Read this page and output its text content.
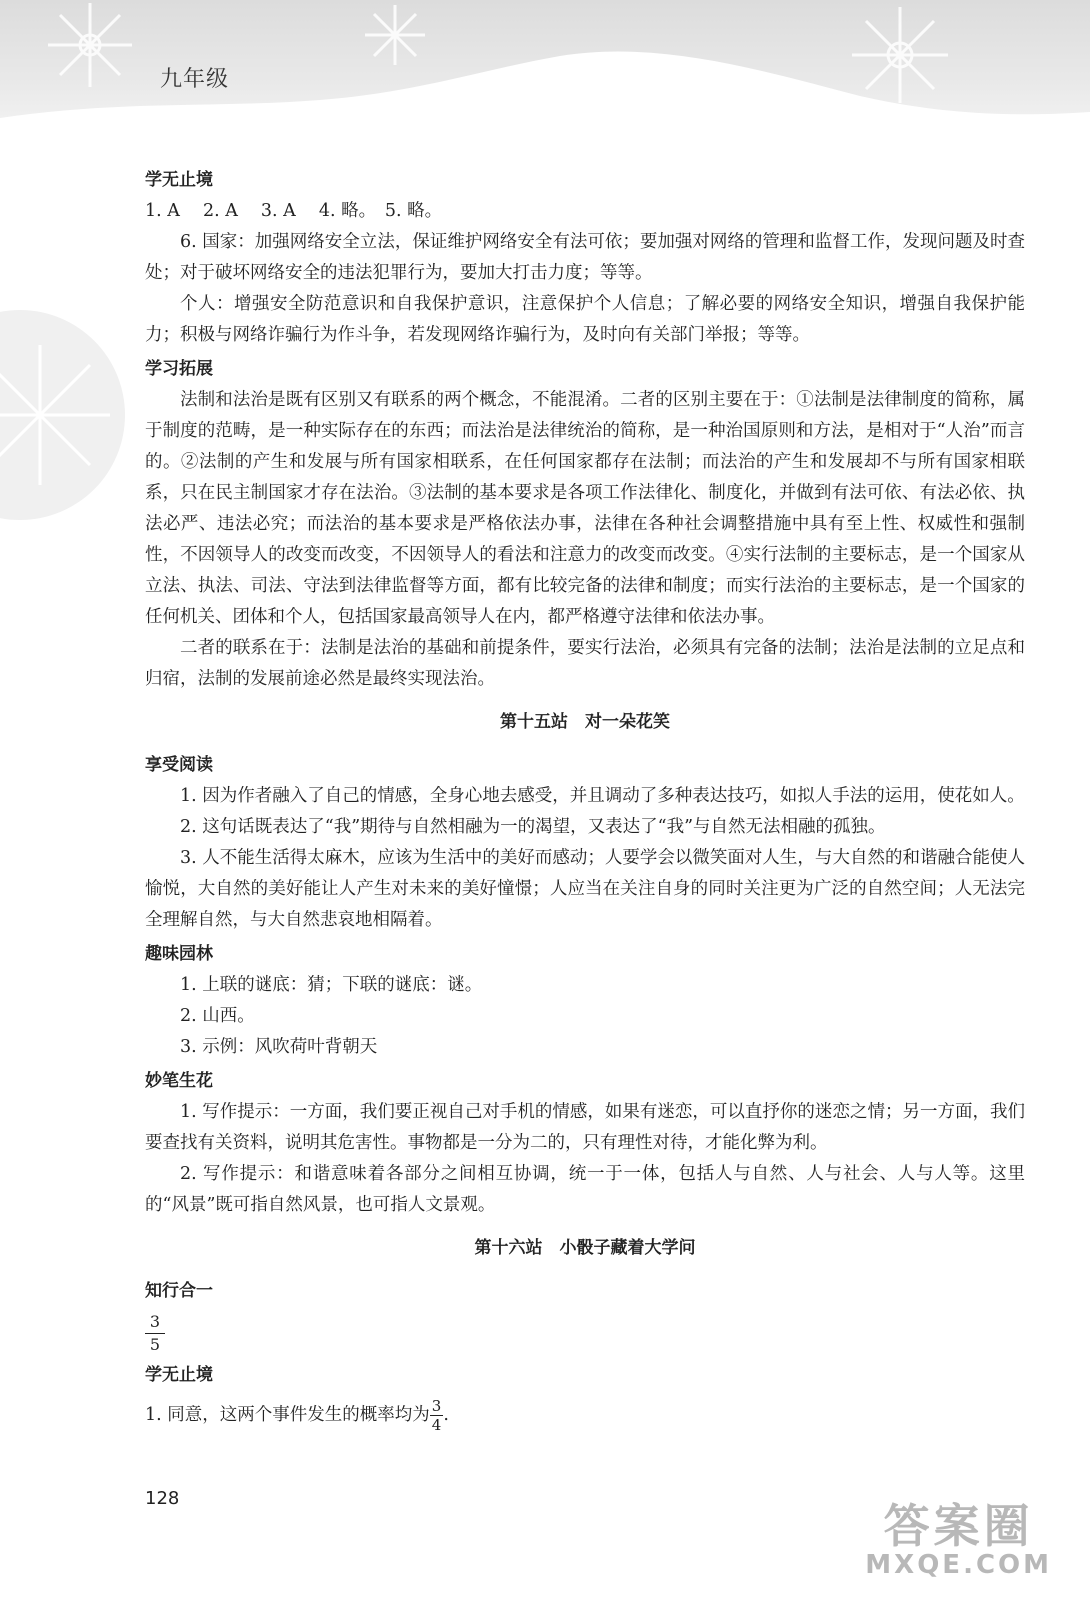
九年级
学无止境

1. A　 2. A　 3. A　 4. 略。　5. 略。

6. 国家：加强网络安全立法，保证维护网络安全有法可依；要加强对网络的管理和监督工作，发现问题及时查处；对于破坏网络安全的违法犯罪行为，要加大打击力度；等等。

个人：增强安全防范意识和自我保护意识，注意保护个人信息；了解必要的网络安全知识，增强自我保护能力；积极与网络诈骗行为作斗争，若发现网络诈骗行为，及时向有关部门举报；等等。

学习拓展

法制和法治是既有区别又有联系的两个概念，不能混淆。二者的区别主要在于：①法制是法律制度的简称，属于制度的范畴，是一种实际存在的东西；而法治是法律统治的简称，是一种治国原则和方法，是相对于“人治”而言的。②法制的产生和发展与所有国家相联系，在任何国家都存在法制；而法治的产生和发展却不与所有国家相联系，只在民主制国家才存在法治。③法制的基本要求是各项工作法律化、制度化，并做到有法可依、有法必依、执法必严、违法必究；而法治的基本要求是严格依法办事，法律在各种社会调整措施中具有至上性、权威性和强制性，不因领导人的改变而改变，不因领导人的看法和注意力的改变而改变。④实行法制的主要标志，是一个国家从立法、执法、司法、守法到法律监督等方面，都有比较完备的法律和制度；而实行法治的主要标志，是一个国家的任何机关、团体和个人，包括国家最高领导人在内，都严格遵守法律和依法办事。

二者的联系在于：法制是法治的基础和前提条件，要实行法治，必须具有完备的法制；法治是法制的立足点和归宿，法制的发展前途必然是最终实现法治。

第十五站　对一朵花笑
享受阅读

1. 因为作者融入了自己的情感，全身心地去感受，并且调动了多种表达技巧，如拟人手法的运用，使花如人。

2. 这句话既表达了“我”期待与自然相融为一的渴望，又表达了“我”与自然无法相融的孤独。

3. 人不能生活得太麻木，应该为生活中的美好而感动；人要学会以微笑面对人生，与大自然的和谐融合能使人愉悦，大自然的美好能让人产生对未来的美好憧憬；人应当在关注自身的同时关注更为广泛的自然空间；人无法完全理解自然，与大自然悲哀地相隔着。

趣味园林

1. 上联的谜底：猜；下联的谜底：谜。

2. 山西。

3. 示例：风吹荷叶背朝天

妙笔生花

1. 写作提示：一方面，我们要正视自己对手机的情感，如果有迷恋，可以直抒你的迷恋之情；另一方面，我们要查找有关资料，说明其危害性。事物都是一分为二的，只有理性对待，才能化弊为利。

2. 写作提示：和谐意味着各部分之间相互协调，统一于一体，包括人与自然、人与社会、人与人等。这里的“风景”既可指自然风景，也可指人文景观。

第十六站　小骰子藏着大学问
知行合一
3
5
学无止境

1. 同意，这两个事件发生的概率均为 $\frac{3}{4}$ .

128
答案圈
MXQE.COM
